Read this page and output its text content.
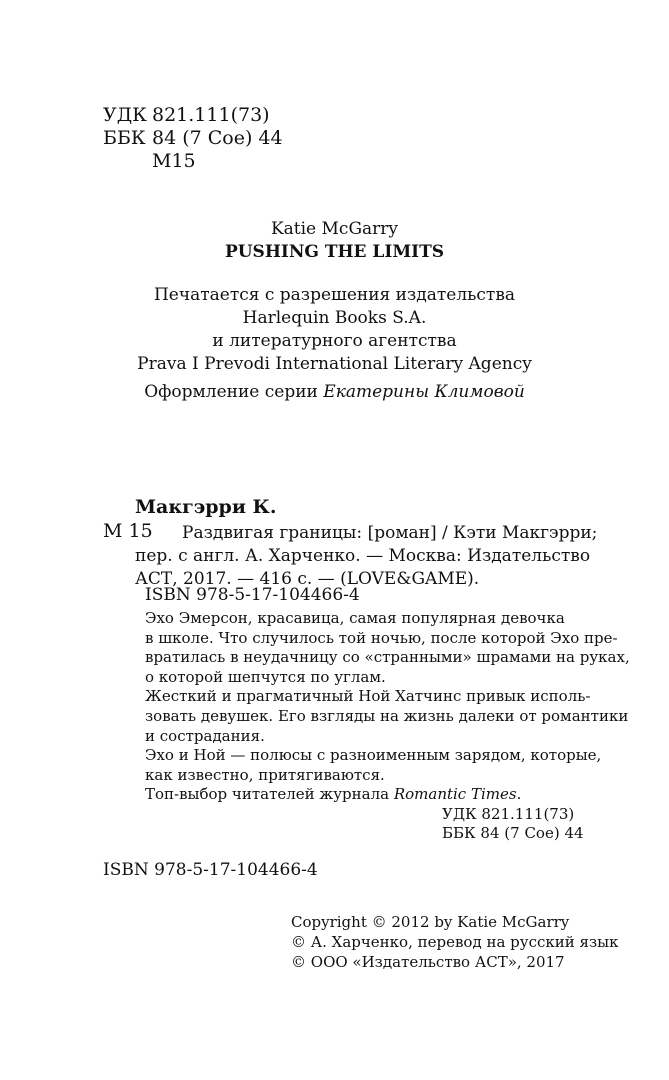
УДК 821.111(73)
ББК 84 (7 Сое) 44
М15
Katie McGarry
PUSHING THE LIMITS
Печатается с разрешения издательства
Harlequin Books S.A.
и литературного агентства
Prava I Prevodi International Literary Agency
Оформление серии Екатерины Климовой
Макгэрри К.
М 15 Раздвигая границы: [роман] / Кэти Макгэрри;
пер. с англ. А. Харченко. — Москва: Издательство
АСТ, 2017. — 416 с. — (LOVE&GAME).
ISBN 978-5-17-104466-4
Эхо Эмерсон, красавица, самая популярная девочка
в школе. Что случилось той ночью, после которой Эхо пре-
вратилась в неудачницу со «странными» шрамами на руках,
о которой шепчутся по углам.
Жесткий и прагматичный Ной Хатчинс привык исполь-
зовать девушек. Его взгляды на жизнь далеки от романтики
и сострадания.
Эхо и Ной — полюсы с разноименным зарядом, которые,
как известно, притягиваются.
Топ-выбор читателей журнала Romantic Times.
УДК 821.111(73)
ББК 84 (7 Сое) 44
ISBN 978-5-17-104466-4
Copyright © 2012 by Katie McGarry
© А. Харченко, перевод на русский язык
© ООО «Издательство АСТ», 2017
